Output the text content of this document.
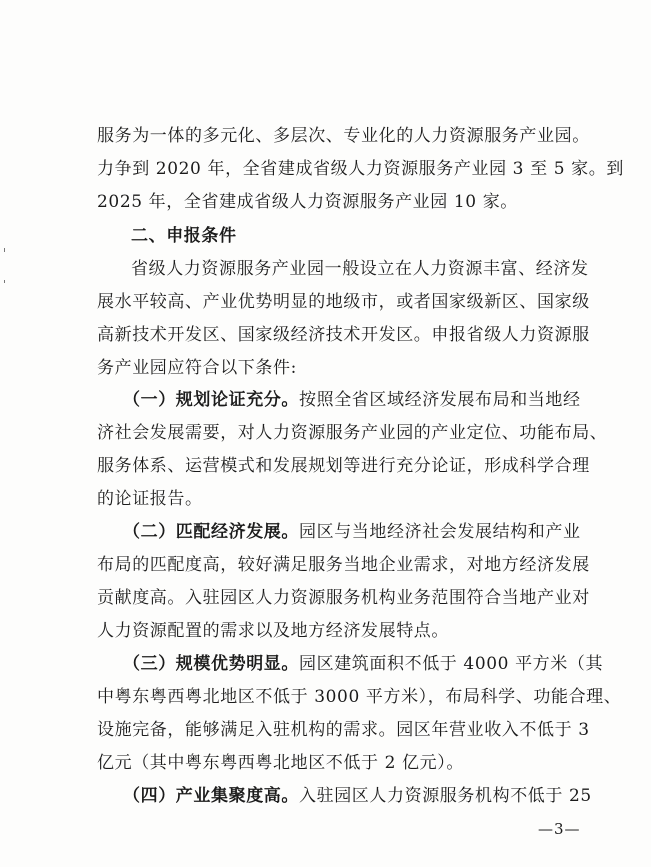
服务为一体的多元化、多层次、专业化的人力资源服务产业园。
力争到 2020 年，全省建成省级人力资源服务产业园 3 至 5 家。到
2025 年，全省建成省级人力资源服务产业园 10 家。
二、申报条件
省级人力资源服务产业园一般设立在人力资源丰富、经济发
展水平较高、产业优势明显的地级市，或者国家级新区、国家级
高新技术开发区、国家级经济技术开发区。申报省级人力资源服
务产业园应符合以下条件:
（一）规划论证充分。按照全省区域经济发展布局和当地经
济社会发展需要，对人力资源服务产业园的产业定位、功能布局、
服务体系、运营模式和发展规划等进行充分论证，形成科学合理
的论证报告。
（二）匹配经济发展。园区与当地经济社会发展结构和产业
布局的匹配度高，较好满足服务当地企业需求，对地方经济发展
贡献度高。入驻园区人力资源服务机构业务范围符合当地产业对
人力资源配置的需求以及地方经济发展特点。
（三）规模优势明显。园区建筑面积不低于 4000 平方米（其
中粤东粤西粤北地区不低于 3000 平方米），布局科学、功能合理、
设施完备，能够满足入驻机构的需求。园区年营业收入不低于 3
亿元（其中粤东粤西粤北地区不低于 2 亿元）。
（四）产业集聚度高。入驻园区人力资源服务机构不低于 25
—3—
